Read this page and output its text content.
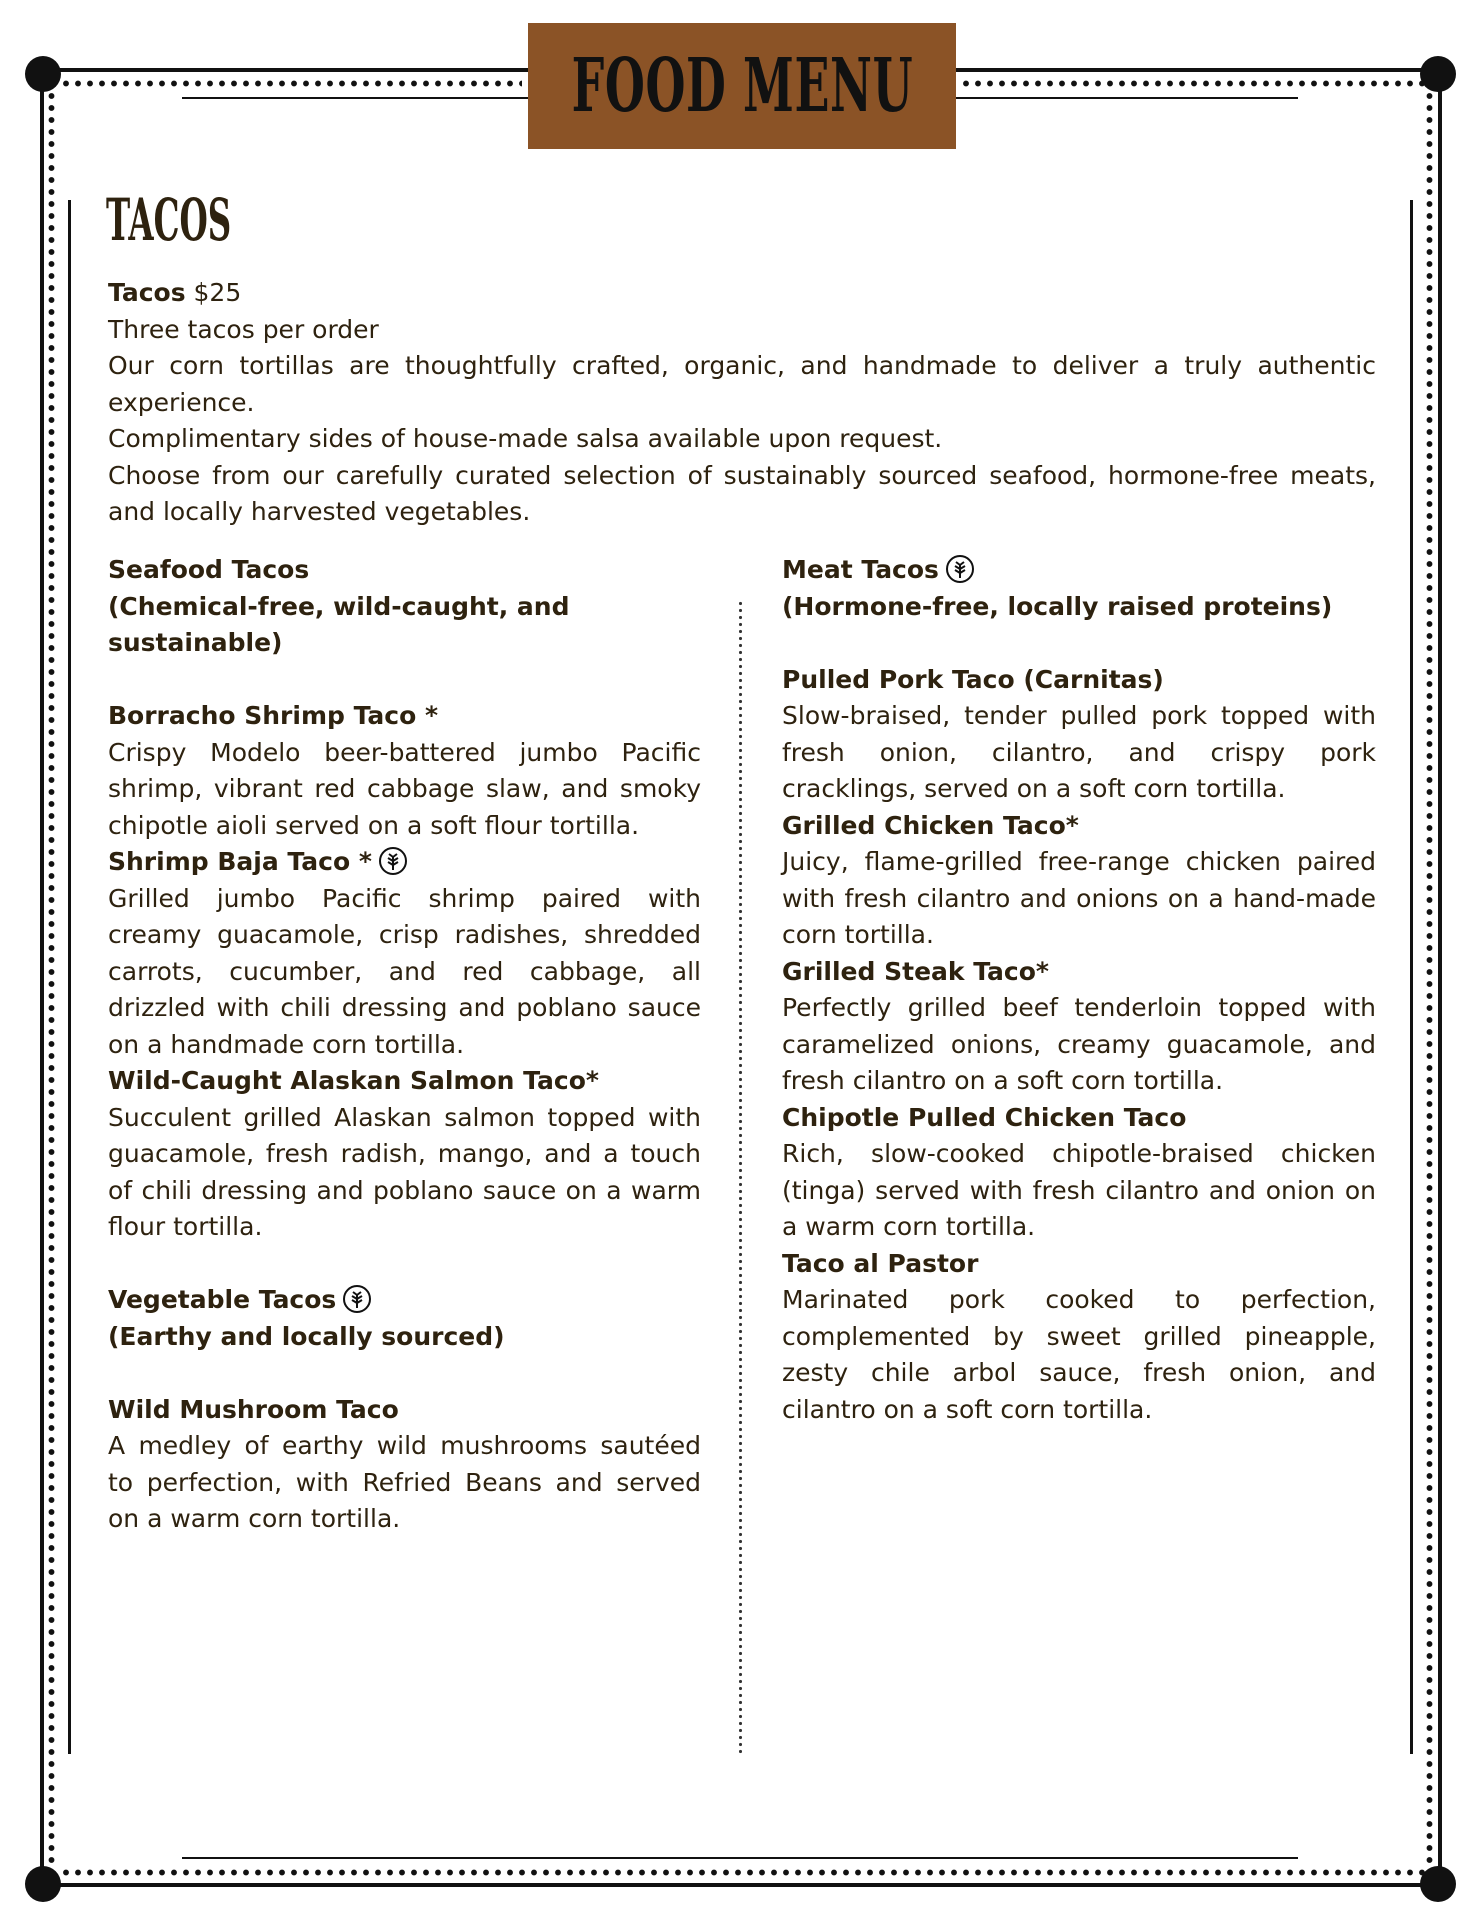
FOOD MENU
TACOS
Tacos $25
Three tacos per order
Our corn tortillas are thoughtfully crafted, organic, and handmade to deliver a truly authentic experience.
Complimentary sides of house-made salsa available upon request.
Choose from our carefully curated selection of sustainably sourced seafood, hormone-free meats, and locally harvested vegetables.
Seafood Tacos
(Chemical-free, wild-caught, and sustainable)
Borracho Shrimp Taco *
Crispy Modelo beer-battered jumbo Pacific shrimp, vibrant red cabbage slaw, and smoky chipotle aioli served on a soft flour tortilla.
Shrimp Baja Taco *
Grilled jumbo Pacific shrimp paired with creamy guacamole, crisp radishes, shredded carrots, cucumber, and red cabbage, all drizzled with chili dressing and poblano sauce on a handmade corn tortilla.
Wild-Caught Alaskan Salmon Taco*
Succulent grilled Alaskan salmon topped with guacamole, fresh radish, mango, and a touch of chili dressing and poblano sauce on a warm flour tortilla.
Vegetable Tacos
(Earthy and locally sourced)
Wild Mushroom Taco
A medley of earthy wild mushrooms sautéed to perfection, with Refried Beans and served on a warm corn tortilla.
Meat Tacos
(Hormone-free, locally raised proteins)
Pulled Pork Taco (Carnitas)
Slow-braised, tender pulled pork topped with fresh onion, cilantro, and crispy pork cracklings, served on a soft corn tortilla.
Grilled Chicken Taco*
Juicy, flame-grilled free-range chicken paired with fresh cilantro and onions on a hand-made corn tortilla.
Grilled Steak Taco*
Perfectly grilled beef tenderloin topped with caramelized onions, creamy guacamole, and fresh cilantro on a soft corn tortilla.
Chipotle Pulled Chicken Taco
Rich, slow-cooked chipotle-braised chicken (tinga) served with fresh cilantro and onion on a warm corn tortilla.
Taco al Pastor
Marinated pork cooked to perfection, complemented by sweet grilled pineapple, zesty chile arbol sauce, fresh onion, and cilantro on a soft corn tortilla.
